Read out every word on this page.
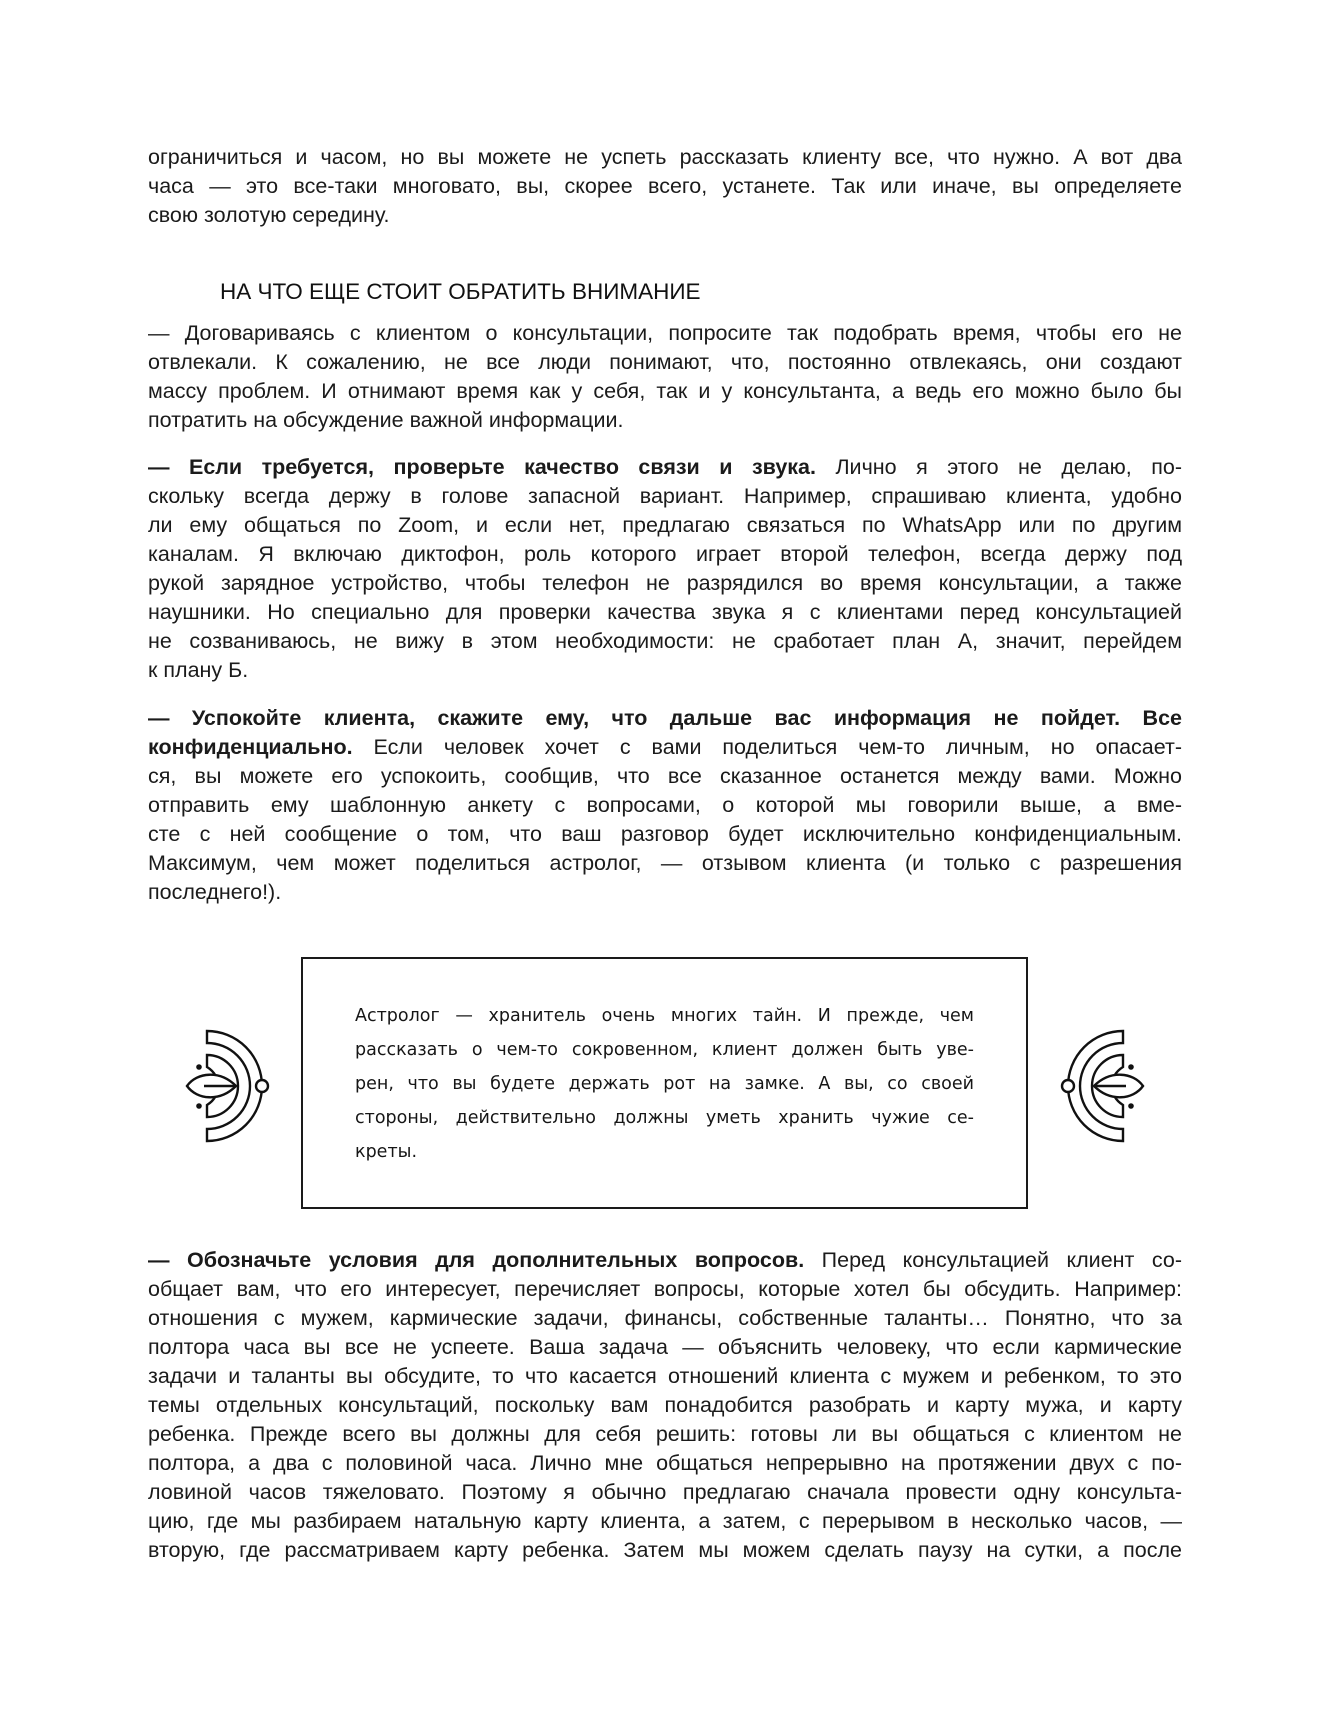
ограничиться и часом, но вы можете не успеть рассказать клиенту все, что нужно. А вот два
часа — это все-таки многовато, вы, скорее всего, устанете. Так или иначе, вы определяете
свою золотую середину.
НА ЧТО ЕЩЕ СТОИТ ОБРАТИТЬ ВНИМАНИЕ
— Договариваясь с клиентом о консультации, попросите так подобрать время, чтобы его не
отвлекали. К сожалению, не все люди понимают, что, постоянно отвлекаясь, они создают
массу проблем. И отнимают время как у себя, так и у консультанта, а ведь его можно было бы
потратить на обсуждение важной информации.
— Если требуется, проверьте качество связи и звука. Лично я этого не делаю, по-
скольку всегда держу в голове запасной вариант. Например, спрашиваю клиента, удобно
ли ему общаться по Zoom, и если нет, предлагаю связаться по WhatsApp или по другим
каналам. Я включаю диктофон, роль которого играет второй телефон, всегда держу под
рукой зарядное устройство, чтобы телефон не разрядился во время консультации, а также
наушники. Но специально для проверки качества звука я с клиентами перед консультацией
не созваниваюсь, не вижу в этом необходимости: не сработает план А, значит, перейдем
к плану Б.
— Успокойте клиента, скажите ему, что дальше вас информация не пойдет. Все
конфиденциально. Если человек хочет с вами поделиться чем-то личным, но опасает-
ся, вы можете его успокоить, сообщив, что все сказанное останется между вами. Можно
отправить ему шаблонную анкету с вопросами, о которой мы говорили выше, а вме-
сте с ней сообщение о том, что ваш разговор будет исключительно конфиденциальным.
Максимум, чем может поделиться астролог, — отзывом клиента (и только с разрешения
последнего!).
Астролог — хранитель очень многих тайн. И прежде, чем
рассказать о чем-то сокровенном, клиент должен быть уве-
рен, что вы будете держать рот на замке. А вы, со своей
стороны, действительно должны уметь хранить чужие се-
креты.
— Обозначьте условия для дополнительных вопросов. Перед консультацией клиент со-
общает вам, что его интересует, перечисляет вопросы, которые хотел бы обсудить. Например:
отношения с мужем, кармические задачи, финансы, собственные таланты… Понятно, что за
полтора часа вы все не успеете. Ваша задача — объяснить человеку, что если кармические
задачи и таланты вы обсудите, то что касается отношений клиента с мужем и ребенком, то это
темы отдельных консультаций, поскольку вам понадобится разобрать и карту мужа, и карту
ребенка. Прежде всего вы должны для себя решить: готовы ли вы общаться с клиентом не
полтора, а два с половиной часа. Лично мне общаться непрерывно на протяжении двух с по-
ловиной часов тяжеловато. Поэтому я обычно предлагаю сначала провести одну консульта-
цию, где мы разбираем натальную карту клиента, а затем, с перерывом в несколько часов, —
вторую, где рассматриваем карту ребенка. Затем мы можем сделать паузу на сутки, а после
